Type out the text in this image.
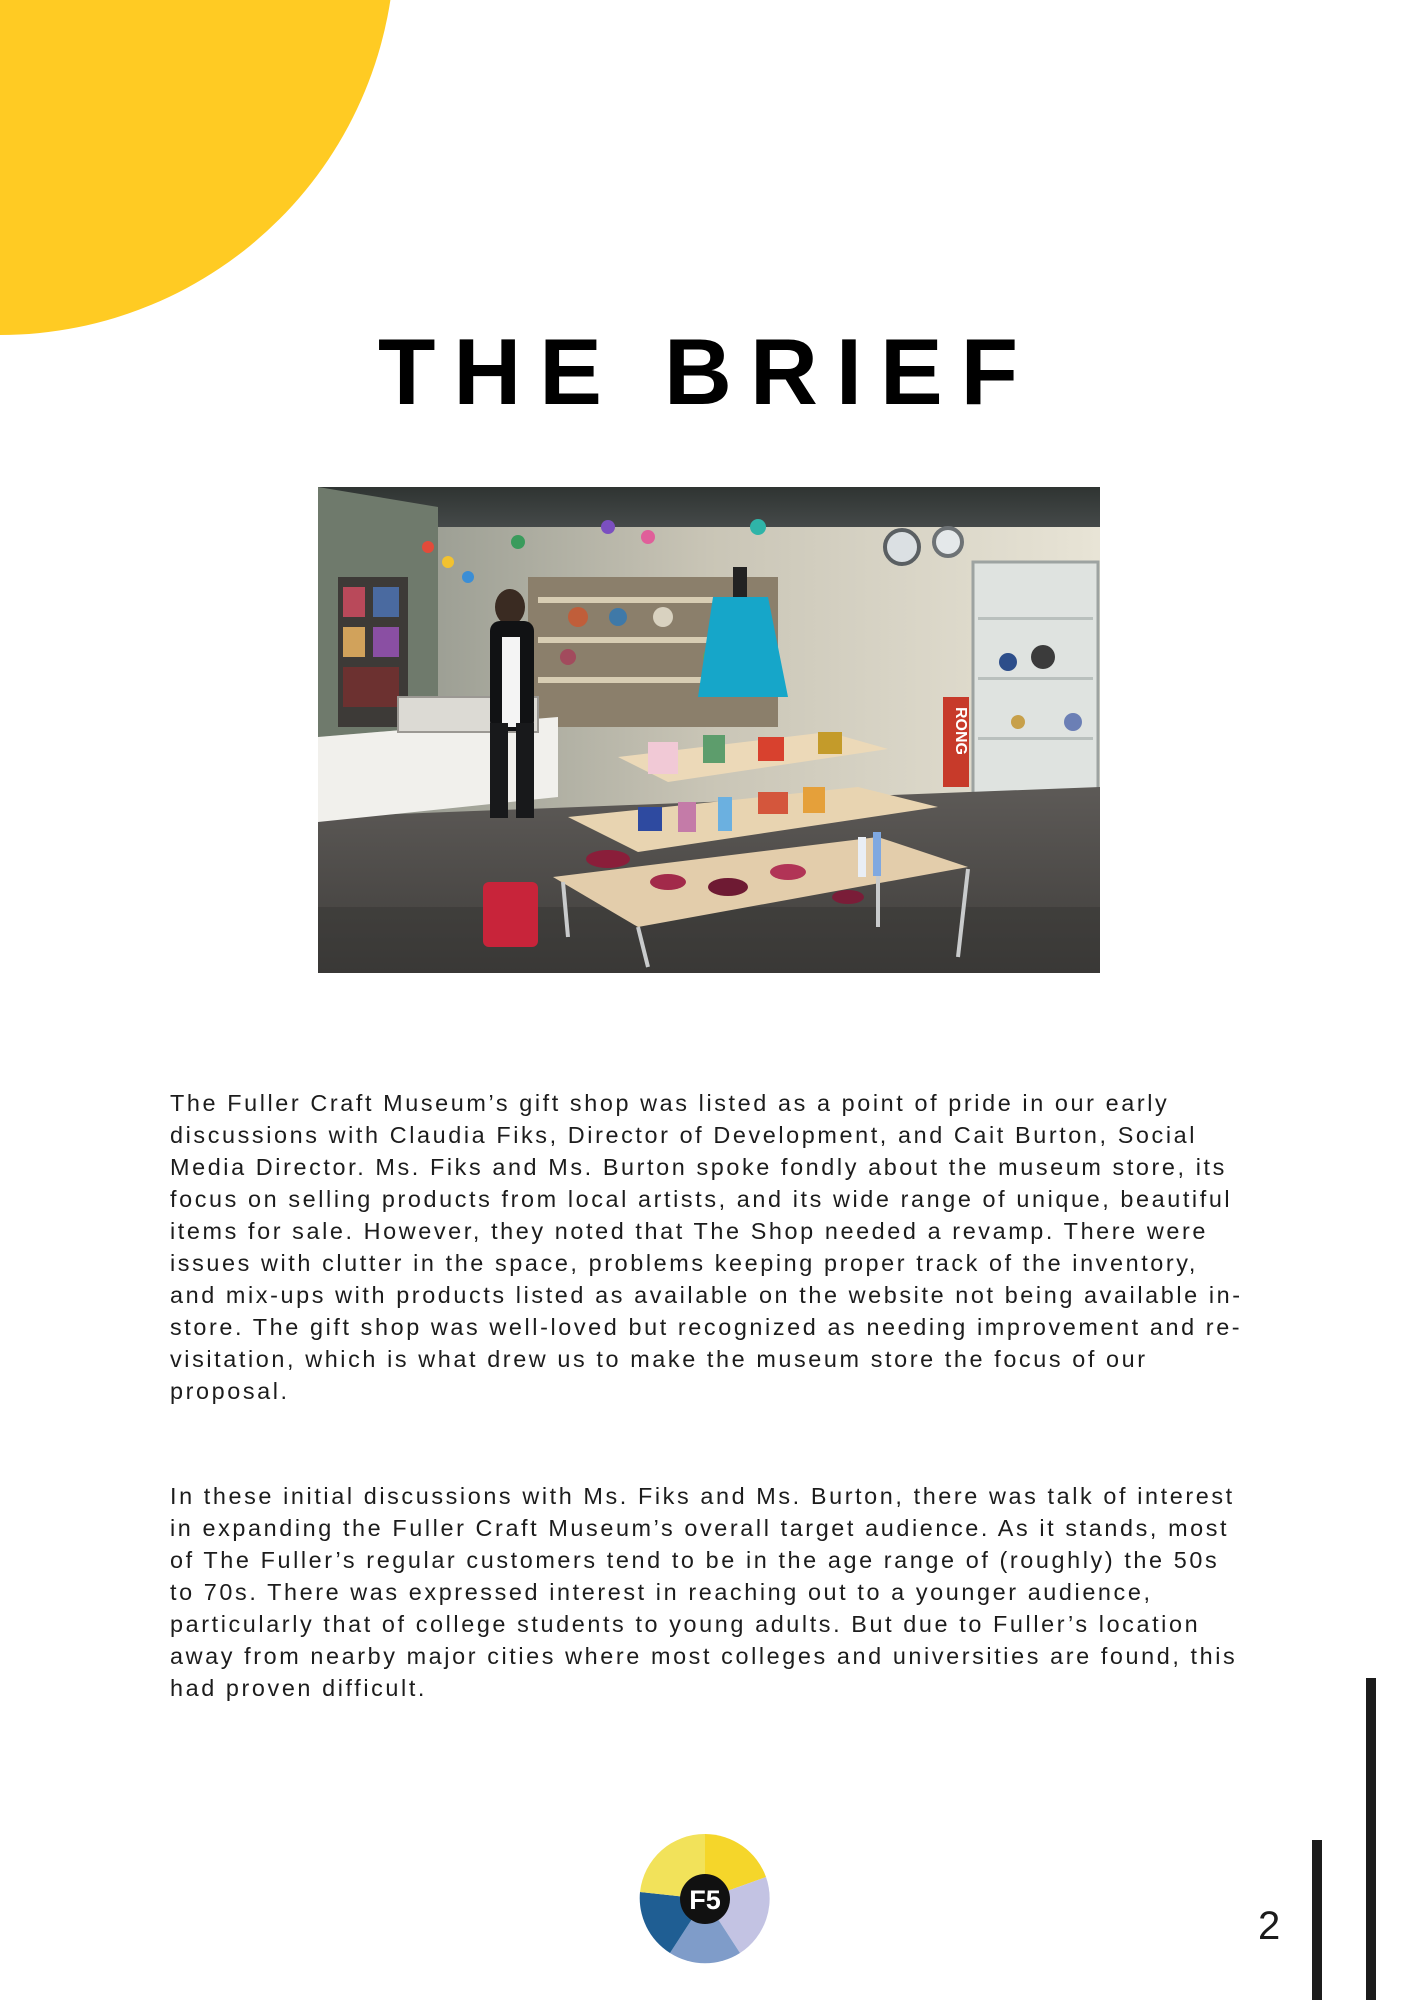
THE BRIEF
RONG

The Fuller Craft Museum’s gift shop was listed as a point of pride in our early discussions with Claudia Fiks, Director of Development, and Cait Burton, Social Media Director. Ms. Fiks and Ms. Burton spoke fondly about the museum store, its focus on selling products from local artists, and its wide range of unique, beautiful items for sale. However, they noted that The Shop needed a revamp. There were issues with clutter in the space, problems keeping proper track of the inventory, and mix-ups with products listed as available on the website not being available in-store. The gift shop was well-loved but recognized as needing improvement and re-visitation, which is what drew us to make the museum store the focus of our proposal.

In these initial discussions with Ms. Fiks and Ms. Burton, there was talk of interest in expanding the Fuller Craft Museum’s overall target audience. As it stands, most of The Fuller’s regular customers tend to be in the age range of (roughly) the 50s to 70s. There was expressed interest in reaching out to a younger audience, particularly that of college students to young adults. But due to Fuller’s location away from nearby major cities where most colleges and universities are found, this had proven difficult.

F5
2
